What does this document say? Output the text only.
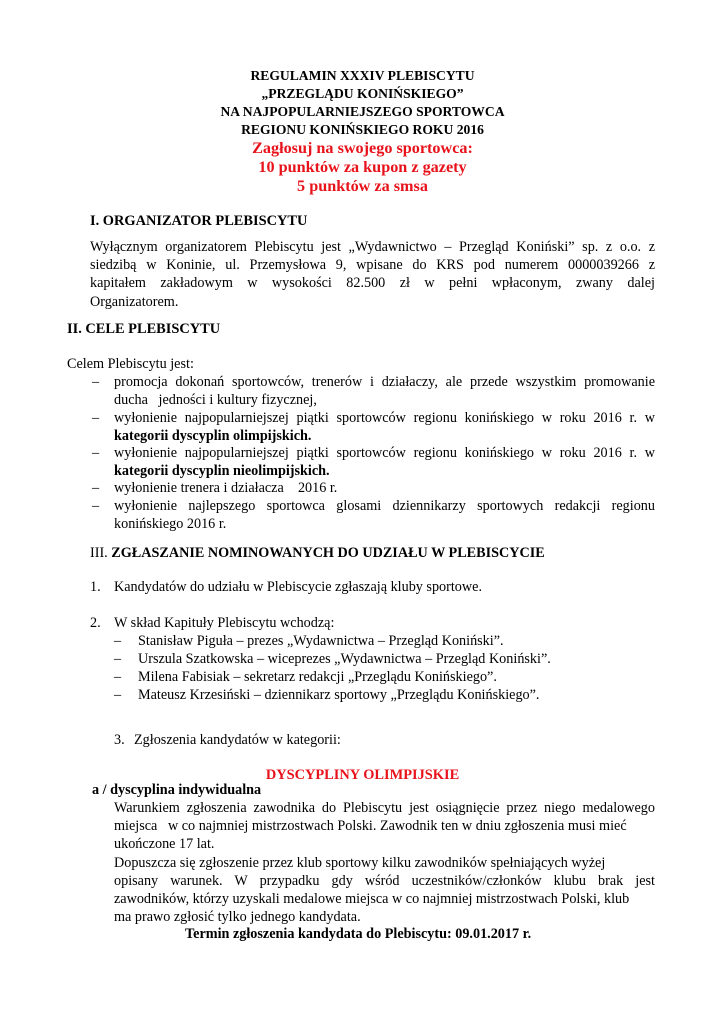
REGULAMIN XXXIV PLEBISCYTU
„PRZEGLĄDU KONIŃSKIEGO”
NA NAJPOPULARNIEJSZEGO SPORTOWCA
REGIONU KONIŃSKIEGO ROKU 2016
Zagłosuj na swojego sportowca:
10 punktów za kupon z gazety
5 punktów za smsa
I. ORGANIZATOR PLEBISCYTU
Wyłącznym organizatorem Plebiscytu jest „Wydawnictwo – Przegląd Koniński” sp. z o.o. z
siedzibą w Koninie, ul. Przemysłowa 9, wpisane do KRS pod numerem 0000039266 z
kapitałem zakładowym w wysokości 82.500 zł w pełni wpłaconym, zwany dalej
Organizatorem.
II. CELE PLEBISCYTU
Celem Plebiscytu jest:
– promocja dokonań sportowców, trenerów i działaczy, ale przede wszystkim promowanie
ducha   jedności i kultury fizycznej,
– wyłonienie najpopularniejszej piątki sportowców regionu konińskiego w roku 2016 r. w
kategorii dyscyplin olimpijskich.
– wyłonienie najpopularniejszej piątki sportowców regionu konińskiego w roku 2016 r. w
kategorii dyscyplin nieolimpijskich.
– wyłonienie trenera i działacza    2016 r.
– wyłonienie najlepszego sportowca glosami dziennikarzy sportowych redakcji regionu
konińskiego 2016 r.
III. ZGŁASZANIE NOMINOWANYCH DO UDZIAŁU W PLEBISCYCIE
1. Kandydatów do udziału w Plebiscycie zgłaszają kluby sportowe.
2. W skład Kapituły Plebiscytu wchodzą:
– Stanisław Piguła – prezes „Wydawnictwa – Przegląd Koniński”.
– Urszula Szatkowska – wiceprezes „Wydawnictwa – Przegląd Koniński”.
– Milena Fabisiak – sekretarz redakcji „Przeglądu Konińskiego”.
– Mateusz Krzesiński – dziennikarz sportowy „Przeglądu Konińskiego”.
3. Zgłoszenia kandydatów w kategorii:
DYSCYPLINY OLIMPIJSKIE
a / dyscyplina indywidualna
Warunkiem zgłoszenia zawodnika do Plebiscytu jest osiągnięcie przez niego medalowego
miejsca   w co najmniej mistrzostwach Polski. Zawodnik ten w dniu zgłoszenia musi mieć
ukończone 17 lat.
Dopuszcza się zgłoszenie przez klub sportowy kilku zawodników spełniających wyżej
opisany warunek. W przypadku gdy wśród uczestników/członków klubu brak jest
zawodników, którzy uzyskali medalowe miejsca w co najmniej mistrzostwach Polski, klub
ma prawo zgłosić tylko jednego kandydata.
Termin zgłoszenia kandydata do Plebiscytu: 09.01.2017 r.
